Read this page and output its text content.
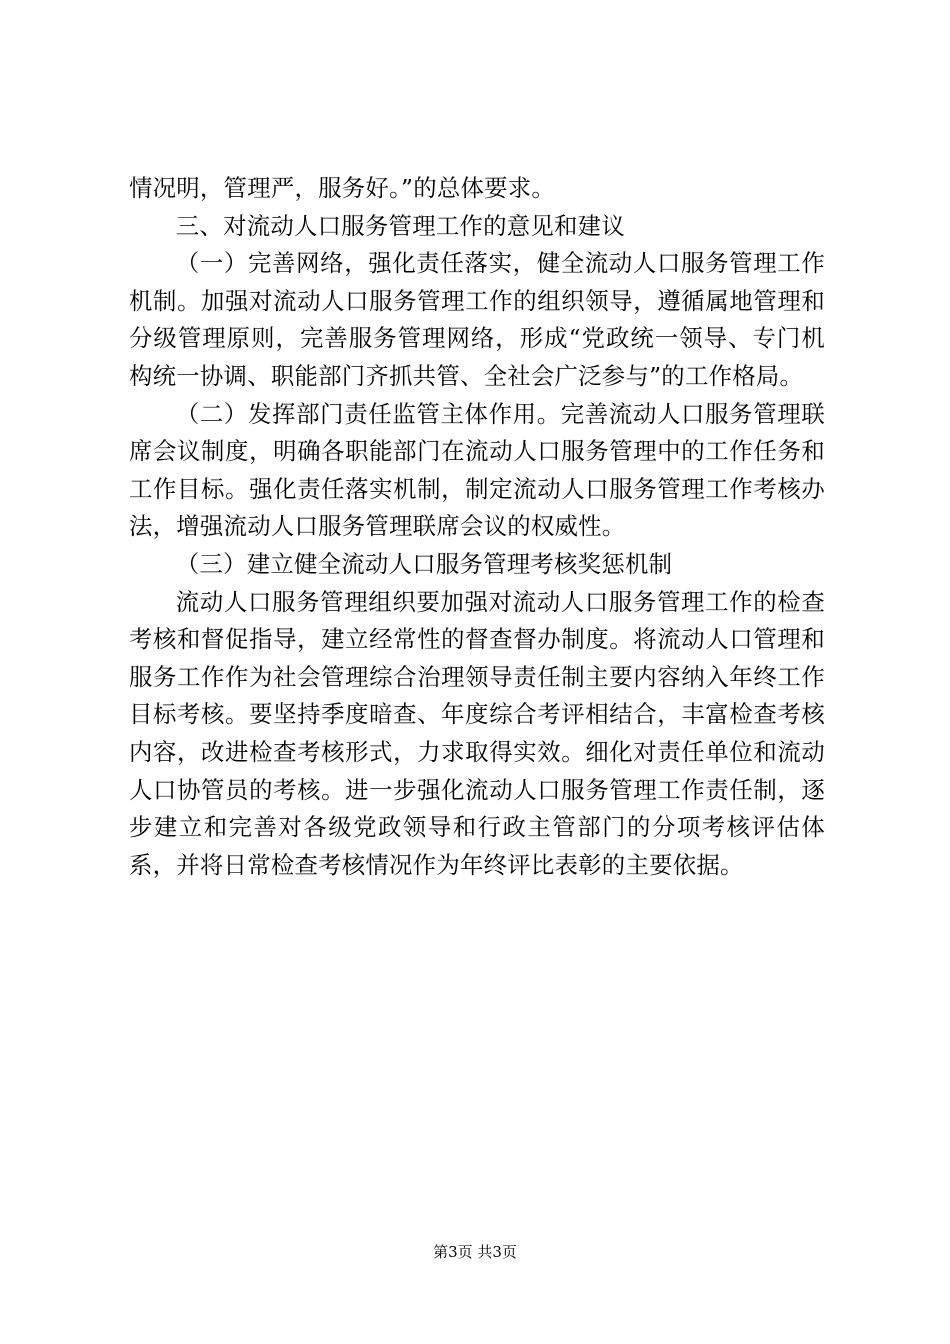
情况明，管理严，服务好。”的总体要求。

三、对流动人口服务管理工作的意见和建议

（一）完善网络，强化责任落实，健全流动人口服务管理工作机制。加强对流动人口服务管理工作的组织领导，遵循属地管理和分级管理原则，完善服务管理网络，形成“党政统一领导、专门机构统一协调、职能部门齐抓共管、全社会广泛参与”的工作格局。

（二）发挥部门责任监管主体作用。完善流动人口服务管理联席会议制度，明确各职能部门在流动人口服务管理中的工作任务和工作目标。强化责任落实机制，制定流动人口服务管理工作考核办法，增强流动人口服务管理联席会议的权威性。

（三）建立健全流动人口服务管理考核奖惩机制

流动人口服务管理组织要加强对流动人口服务管理工作的检查考核和督促指导，建立经常性的督查督办制度。将流动人口管理和服务工作作为社会管理综合治理领导责任制主要内容纳入年终工作目标考核。要坚持季度暗查、年度综合考评相结合，丰富检查考核内容，改进检查考核形式，力求取得实效。细化对责任单位和流动人口协管员的考核。进一步强化流动人口服务管理工作责任制，逐步建立和完善对各级党政领导和行政主管部门的分项考核评估体系，并将日常检查考核情况作为年终评比表彰的主要依据。

第3页 共3页
